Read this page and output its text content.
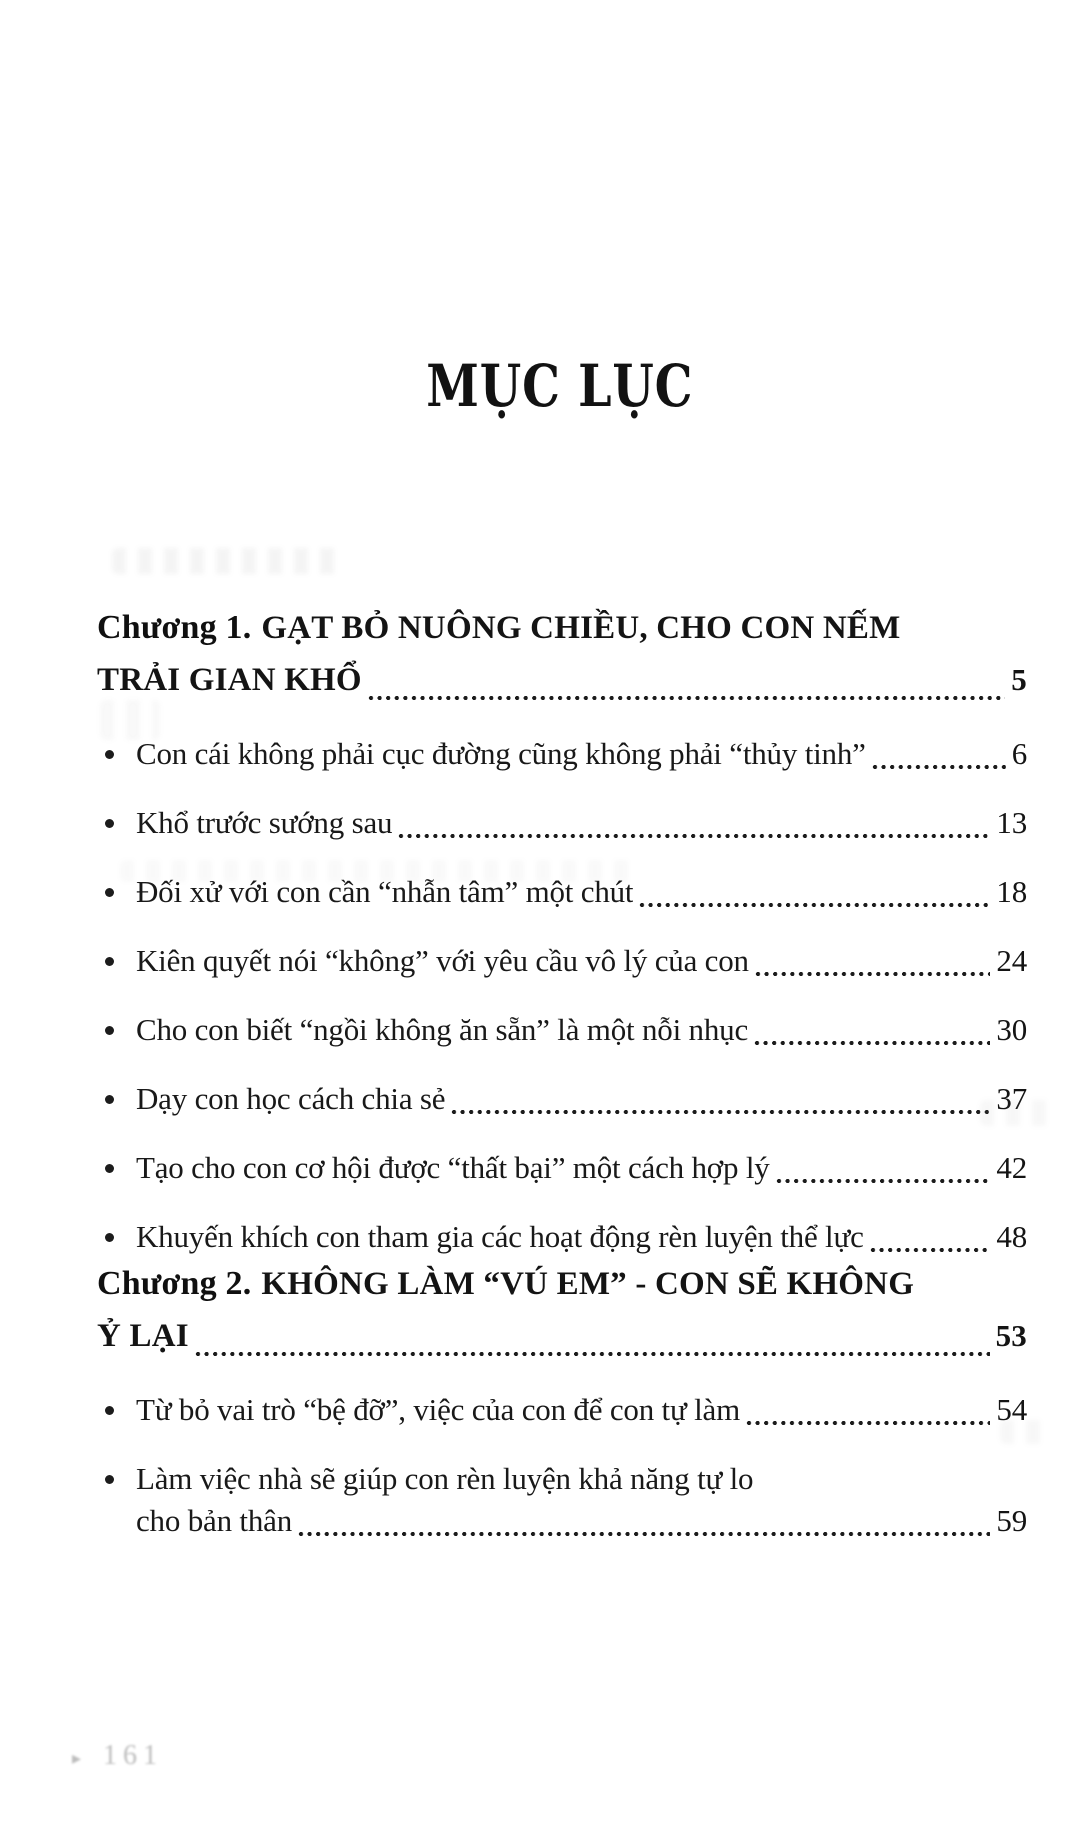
MỤC LỤC
Chương 1. GẠT BỎ NUÔNG CHIỀU, CHO CON NẾM
TRẢI GIAN KHỔ	5
Con cái không phải cục đường cũng không phải “thủy tinh”	6
Khổ trước sướng sau	13
Đối xử với con cần “nhẫn tâm” một chút	18
Kiên quyết nói “không” với yêu cầu vô lý của con	24
Cho con biết “ngồi không ăn sẵn” là một nỗi nhục	30
Dạy con học cách chia sẻ	37
Tạo cho con cơ hội được “thất bại” một cách hợp lý	42
Khuyến khích con tham gia các hoạt động rèn luyện thể lực	48
Chương 2. KHÔNG LÀM “VÚ EM” - CON SẼ KHÔNG
Ỷ LẠI	53
Từ bỏ vai trò “bệ đỡ”, việc của con để con tự làm	54
Làm việc nhà sẽ giúp con rèn luyện khả năng tự lo
cho bản thân	59
▸ 161
